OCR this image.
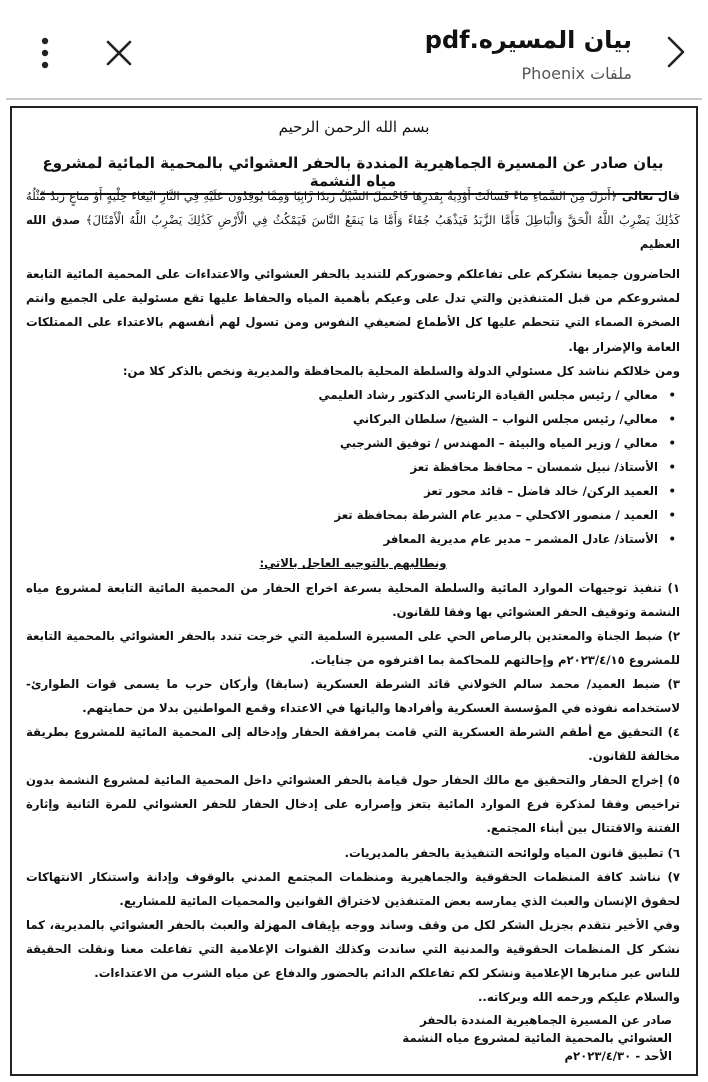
بيان المسيره.pdf
ملفات Phoenix
بسم الله الرحمن الرحيم
بيان صادر عن المسيرة الجماهيرية المنددة بالحفر العشوائي بالمحمية المائية لمشروع مياه النشمة

قال تعالى ﴿أَنزَلَ مِنَ السَّمَاءِ مَاءً فَسَالَتْ أَوْدِيَةٌ بِقَدَرِهَا فَاحْتَمَلَ السَّيْلُ زَبَدًا رَّابِيًا وَمِمَّا يُوقِدُونَ عَلَيْهِ فِي النَّارِ ابْتِغَاءَ حِلْيَةٍ أَوْ مَتَاعٍ زَبَدٌ مِّثْلُهُ كَذَٰلِكَ يَضْرِبُ اللَّهُ الْحَقَّ وَالْبَاطِلَ فَأَمَّا الزَّبَدُ فَيَذْهَبُ جُفَاءً وَأَمَّا مَا يَنفَعُ النَّاسَ فَيَمْكُثُ فِي الْأَرْضِ كَذَٰلِكَ يَضْرِبُ اللَّهُ الْأَمْثَالَ﴾ صدق الله العظيم

الحاضرون جميعا نشكركم على تفاعلكم وحضوركم للتنديد بالحفر العشوائي والاعتداءات على المحمية المائية التابعة لمشروعكم من قبل المتنفذين والتي تدل على وعيكم بأهمية المياه والحفاظ عليها تقع مسئولية على الجميع وانتم الصخرة الصماء التي تتحطم عليها كل الأطماع لضعيفي النفوس ومن تسول لهم أنفسهم بالاعتداء على الممتلكات العامة والإضرار بها.

ومن خلالكم نناشد كل مسئولي الدولة والسلطة المحلية بالمحافظة والمديرية ونخص بالذكر كلا من:

• معالي / رئيس مجلس القيادة الرئاسي الدكتور رشاد العليمي
• معالي/ رئيس مجلس النواب – الشيخ/ سلطان البركاني
• معالي / وزير المياه والبيئة – المهندس / توفيق الشرجبي
• الأستاذ/ نبيل شمسان – محافظ محافظة تعز
• العميد الركن/ خالد فاضل – قائد محور تعز
• العميد / منصور الاكحلي – مدير عام الشرطة بمحافظة تعز
• الأستاذ/ عادل المشمر – مدير عام مديرية المعافر

ونطالبهم بالتوجيه العاجل بالاتي:

١) تنفيذ توجيهات الموارد المائية والسلطة المحلية بسرعة اخراج الحفار من المحمية المائية التابعة لمشروع مياه النشمة وتوقيف الحفر العشوائي بها وفقا للقانون.
٢) ضبط الجناة والمعتدين بالرصاص الحي على المسيرة السلمية التي خرجت تندد بالحفر العشوائي بالمحمية التابعة للمشروع ٢٠٢٣/٤/١٥م وإحالتهم للمحاكمة بما اقترفوه من جنايات.
٣) ضبط العميد/ محمد سالم الخولاني قائد الشرطة العسكرية (سابقا) وأركان حرب ما يسمى قوات الطوارئ- لاستخدامه نفوذه في المؤسسة العسكرية وأفرادها والياتها في الاعتداء وقمع المواطنين بدلا من حمايتهم.
٤) التحقيق مع أطقم الشرطة العسكرية التي قامت بمرافقة الحفار وإدخاله إلى المحمية المائية للمشروع بطريقة مخالفة للقانون.
٥) إخراج الحفار والتحقيق مع مالك الحفار حول قيامة بالحفر العشوائي داخل المحمية المائية لمشروع النشمة بدون تراخيص وفقا لمذكرة فرع الموارد المائية بتعز وإصراره على إدخال الحفار للحفر العشوائي للمرة الثانية وإثارة الفتنة والاقتتال بين أبناء المجتمع.
٦) تطبيق قانون المياه ولوائحه التنفيذية بالحفر بالمديريات.
٧) نناشد كافة المنظمات الحقوقية والجماهيرية ومنظمات المجتمع المدني بالوقوف وإدانة واستنكار الانتهاكات لحقوق الإنسان والعبث الذي يمارسه بعض المتنفذين لاختراق القوانين والمحميات المائية للمشاريع.

وفي الأخير نتقدم بجزيل الشكر لكل من وقف وساند ووجه بإيقاف المهزلة والعبث بالحفر العشوائي بالمديرية، كما نشكر كل المنظمات الحقوقية والمدنية التي ساندت وكذلك القنوات الإعلامية التي تفاعلت معنا ونقلت الحقيقة للناس عبر منابرها الإعلامية ونشكر لكم تفاعلكم الدائم بالحضور والدفاع عن مياه الشرب من الاعتداءات.

والسلام عليكم ورحمه الله وبركاته..

صادر عن المسيرة الجماهيرية المنددة بالحفر
العشوائي بالمحمية المائية لمشروع مياه النشمة
الأحد - ٢٠٢٣/٤/٣٠م
